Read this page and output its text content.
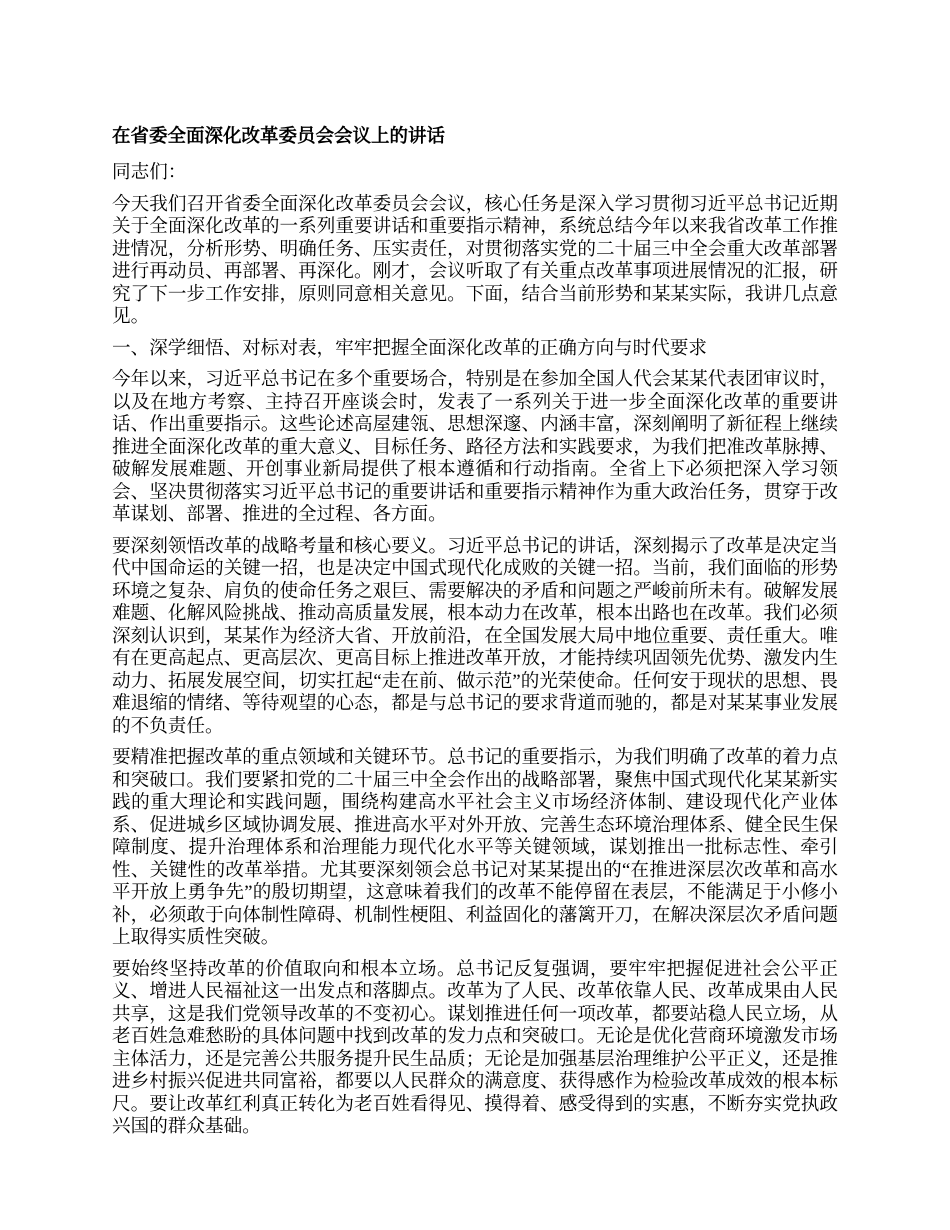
在省委全面深化改革委员会会议上的讲话

同志们：

今天我们召开省委全面深化改革委员会会议，核心任务是深入学习贯彻习近平总书记近期关于全面深化改革的一系列重要讲话和重要指示精神，系统总结今年以来我省改革工作推进情况，分析形势、明确任务、压实责任，对贯彻落实党的二十届三中全会重大改革部署进行再动员、再部署、再深化。刚才，会议听取了有关重点改革事项进展情况的汇报，研究了下一步工作安排，原则同意相关意见。下面，结合当前形势和某某实际，我讲几点意见。

一、深学细悟、对标对表，牢牢把握全面深化改革的正确方向与时代要求

今年以来，习近平总书记在多个重要场合，特别是在参加全国人代会某某代表团审议时，以及在地方考察、主持召开座谈会时，发表了一系列关于进一步全面深化改革的重要讲话、作出重要指示。这些论述高屋建瓴、思想深邃、内涵丰富，深刻阐明了新征程上继续推进全面深化改革的重大意义、目标任务、路径方法和实践要求，为我们把准改革脉搏、破解发展难题、开创事业新局提供了根本遵循和行动指南。全省上下必须把深入学习领会、坚决贯彻落实习近平总书记的重要讲话和重要指示精神作为重大政治任务，贯穿于改革谋划、部署、推进的全过程、各方面。

要深刻领悟改革的战略考量和核心要义。习近平总书记的讲话，深刻揭示了改革是决定当代中国命运的关键一招，也是决定中国式现代化成败的关键一招。当前，我们面临的形势环境之复杂、肩负的使命任务之艰巨、需要解决的矛盾和问题之严峻前所未有。破解发展难题、化解风险挑战、推动高质量发展，根本动力在改革，根本出路也在改革。我们必须深刻认识到，某某作为经济大省、开放前沿，在全国发展大局中地位重要、责任重大。唯有在更高起点、更高层次、更高目标上推进改革开放，才能持续巩固领先优势、激发内生动力、拓展发展空间，切实扛起“走在前、做示范”的光荣使命。任何安于现状的思想、畏难退缩的情绪、等待观望的心态，都是与总书记的要求背道而驰的，都是对某某事业发展的不负责任。

要精准把握改革的重点领域和关键环节。总书记的重要指示，为我们明确了改革的着力点和突破口。我们要紧扣党的二十届三中全会作出的战略部署，聚焦中国式现代化某某新实践的重大理论和实践问题，围绕构建高水平社会主义市场经济体制、建设现代化产业体系、促进城乡区域协调发展、推进高水平对外开放、完善生态环境治理体系、健全民生保障制度、提升治理体系和治理能力现代化水平等关键领域，谋划推出一批标志性、牵引性、关键性的改革举措。尤其要深刻领会总书记对某某提出的“在推进深层次改革和高水平开放上勇争先”的殷切期望，这意味着我们的改革不能停留在表层，不能满足于小修小补，必须敢于向体制性障碍、机制性梗阻、利益固化的藩篱开刀，在解决深层次矛盾问题上取得实质性突破。

要始终坚持改革的价值取向和根本立场。总书记反复强调，要牢牢把握促进社会公平正义、增进人民福祉这一出发点和落脚点。改革为了人民、改革依靠人民、改革成果由人民共享，这是我们党领导改革的不变初心。谋划推进任何一项改革，都要站稳人民立场，从老百姓急难愁盼的具体问题中找到改革的发力点和突破口。无论是优化营商环境激发市场主体活力，还是完善公共服务提升民生品质；无论是加强基层治理维护公平正义，还是推进乡村振兴促进共同富裕，都要以人民群众的满意度、获得感作为检验改革成效的根本标尺。要让改革红利真正转化为老百姓看得见、摸得着、感受得到的实惠，不断夯实党执政兴国的群众基础。
